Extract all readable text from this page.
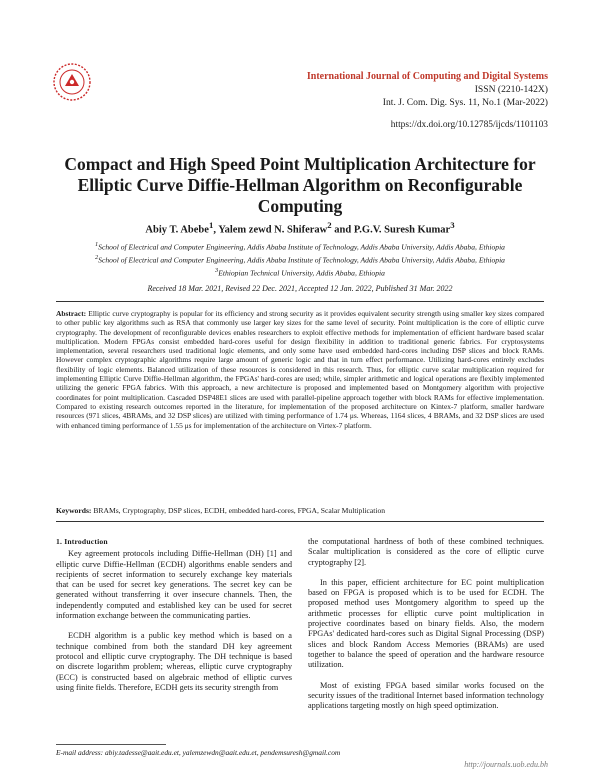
International Journal of Computing and Digital Systems
ISSN (2210-142X)
Int. J. Com. Dig. Sys. 11, No.1 (Mar-2022)
https://dx.doi.org/10.12785/ijcds/1101103
Compact and High Speed Point Multiplication Architecture for Elliptic Curve Diffie-Hellman Algorithm on Reconfigurable Computing
Abiy T. Abebe$^1$, Yalem zewd N. Shiferaw$^2$ and P.G.V. Suresh Kumar$^3$
$^1$School of Electrical and Computer Engineering, Addis Ababa Institute of Technology, Addis Ababa University, Addis Ababa, Ethiopia
$^2$School of Electrical and Computer Engineering, Addis Ababa Institute of Technology, Addis Ababa University, Addis Ababa, Ethiopia
$^3$Ethiopian Technical University, Addis Ababa, Ethiopia
Received 18 Mar. 2021, Revised 22 Dec. 2021, Accepted 12 Jan. 2022, Published 31 Mar. 2022
Abstract: Elliptic curve cryptography is popular for its efficiency and strong security as it provides equivalent security strength using smaller key sizes compared to other public key algorithms such as RSA that commonly use larger key sizes for the same level of security. Point multiplication is the core of elliptic curve cryptography. The development of reconfigurable devices enables researchers to exploit effective methods for implementation of efficient hardware based scalar multiplication. Modern FPGAs consist embedded hard-cores useful for design flexibility in addition to traditional generic fabrics. For cryptosystems implementation, several researchers used traditional logic elements, and only some have used embedded hard-cores including DSP slices and block RAMs. However complex cryptographic algorithms require large amount of generic logic and that in turn effect performance. Utilizing hard-cores entirely excludes flexibility of logic elements. Balanced utilization of these resources is considered in this research. Thus, for elliptic curve scalar multiplication required for implementing Elliptic Curve Diffie-Hellman algorithm, the FPGAs' hard-cores are used; while, simpler arithmetic and logical operations are flexibly implemented utilizing the generic FPGA fabrics. With this approach, a new architecture is proposed and implemented based on Montgomery algorithm with projective coordinates for point multiplication. Cascaded DSP48E1 slices are used with parallel-pipeline approach together with block RAMs for effective implementation. Compared to existing research outcomes reported in the literature, for implementation of the proposed architecture on Kintex-7 platform, smaller hardware resources (971 slices, 4BRAMs, and 32 DSP slices) are utilized with timing performance of 1.74 μs. Whereas, 1164 slices, 4 BRAMs, and 32 DSP slices are used with enhanced timing performance of 1.55 μs for implementation of the architecture on Virtex-7 platform.
Keywords: BRAMs, Cryptography, DSP slices, ECDH, embedded hard-cores, FPGA, Scalar Multiplication

1. Introduction

Key agreement protocols including Diffie-Hellman (DH) [1] and elliptic curve Diffie-Hellman (ECDH) algorithms enable senders and recipients of secret information to securely exchange key materials that can be used for secret key generations. The secret key can be generated without transferring it over insecure channels. Then, the independently computed and established key can be used for secret information exchange between the communicating parties.

ECDH algorithm is a public key method which is based on a technique combined from both the standard DH key agreement protocol and elliptic curve cryptography. The DH technique is based on discrete logarithm problem; whereas, elliptic curve cryptography (ECC) is constructed based on algebraic method of elliptic curves using finite fields. Therefore, ECDH gets its security strength from

the computational hardness of both of these combined techniques. Scalar multiplication is considered as the core of elliptic curve cryptography [2].

In this paper, efficient architecture for EC point multiplication based on FPGA is proposed which is to be used for ECDH. The proposed method uses Montgomery algorithm to speed up the arithmetic processes for elliptic curve point multiplication in projective coordinates based on binary fields. Also, the modern FPGAs' dedicated hard-cores such as Digital Signal Processing (DSP) slices and block Random Access Memories (BRAMs) are used together to balance the speed of operation and the hardware resource utilization.

Most of existing FPGA based similar works focused on the security issues of the traditional Internet based information technology applications targeting mostly on high speed optimization.

E-mail address: abiy.tadesse@aait.edu.et, yalemzewdn@aait.edu.et, pendemsuresh@gmail.com
http://journals.uob.edu.bh
